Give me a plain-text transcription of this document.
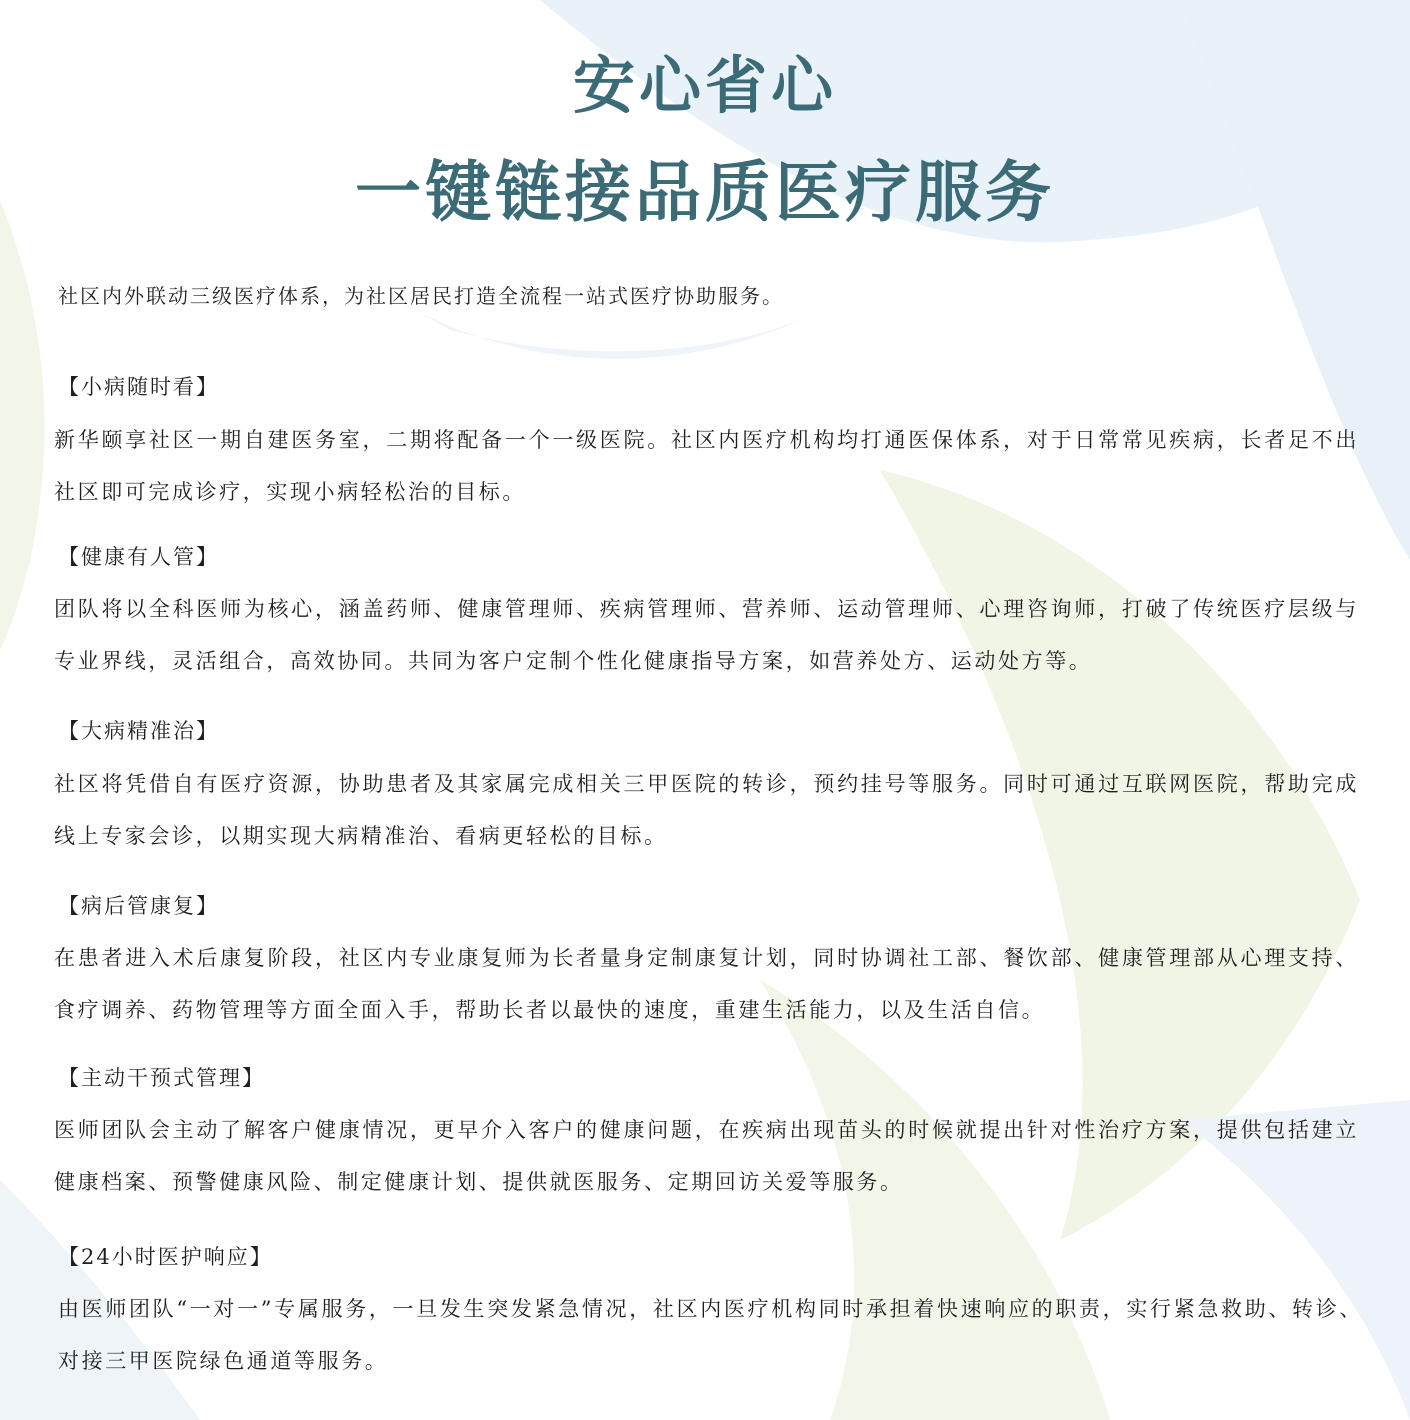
安心省心
一键链接品质医疗服务
社区内外联动三级医疗体系，为社区居民打造全流程一站式医疗协助服务。
【小病随时看】
新华颐享社区一期自建医务室，二期将配备一个一级医院。社区内医疗机构均打通医保体系，对于日常常见疾病，长者足不出社区即可完成诊疗，实现小病轻松治的目标。
【健康有人管】
团队将以全科医师为核心，涵盖药师、健康管理师、疾病管理师、营养师、运动管理师、心理咨询师，打破了传统医疗层级与专业界线，灵活组合，高效协同。共同为客户定制个性化健康指导方案，如营养处方、运动处方等。
【大病精准治】
社区将凭借自有医疗资源，协助患者及其家属完成相关三甲医院的转诊，预约挂号等服务。同时可通过互联网医院，帮助完成线上专家会诊，以期实现大病精准治、看病更轻松的目标。
【病后管康复】
在患者进入术后康复阶段，社区内专业康复师为长者量身定制康复计划，同时协调社工部、餐饮部、健康管理部从心理支持、食疗调养、药物管理等方面全面入手，帮助长者以最快的速度，重建生活能力，以及生活自信。
【主动干预式管理】
医师团队会主动了解客户健康情况，更早介入客户的健康问题，在疾病出现苗头的时候就提出针对性治疗方案，提供包括建立健康档案、预警健康风险、制定健康计划、提供就医服务、定期回访关爱等服务。
【24小时医护响应】
由医师团队“一对一”专属服务，一旦发生突发紧急情况，社区内医疗机构同时承担着快速响应的职责，实行紧急救助、转诊、对接三甲医院绿色通道等服务。
